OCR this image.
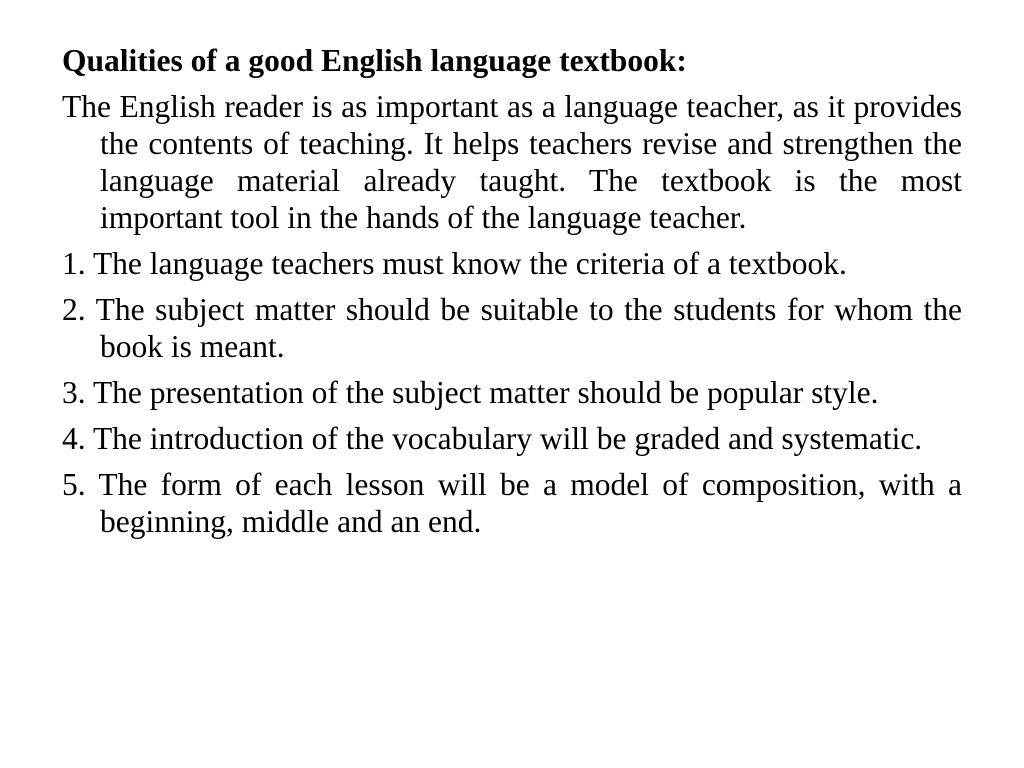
Qualities of a good English language textbook:
The English reader is as important as a language teacher, as it provides the contents of teaching. It helps teachers revise and strengthen the language material already taught. The textbook is the most important tool in the hands of the language teacher.
1. The language teachers must know the criteria of a textbook.
2. The subject matter should be suitable to the students for whom the book is meant.
3. The presentation of the subject matter should be popular style.
4. The introduction of the vocabulary will be graded and systematic.
5. The form of each lesson will be a model of composition, with a beginning, middle and an end.
